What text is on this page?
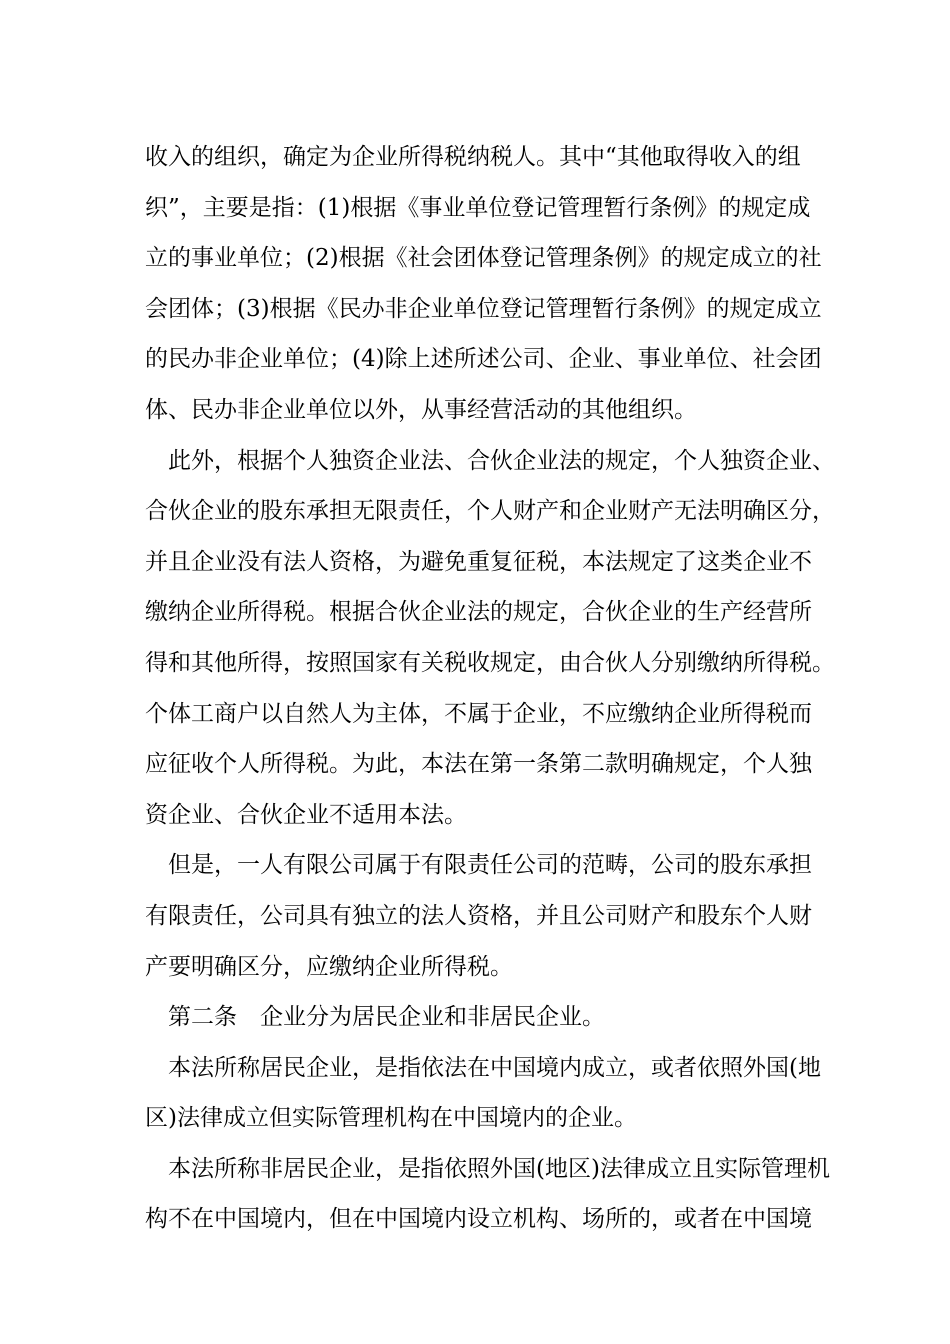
收入的组织，确定为企业所得税纳税人。其中“其他取得收入的组
织”，主要是指：(1)根据《事业单位登记管理暂行条例》的规定成
立的事业单位；(2)根据《社会团体登记管理条例》的规定成立的社
会团体；(3)根据《民办非企业单位登记管理暂行条例》的规定成立
的民办非企业单位；(4)除上述所述公司、企业、事业单位、社会团
体、民办非企业单位以外，从事经营活动的其他组织。
此外，根据个人独资企业法、合伙企业法的规定，个人独资企业、
合伙企业的股东承担无限责任，个人财产和企业财产无法明确区分，
并且企业没有法人资格，为避免重复征税，本法规定了这类企业不
缴纳企业所得税。根据合伙企业法的规定，合伙企业的生产经营所
得和其他所得，按照国家有关税收规定，由合伙人分别缴纳所得税。
个体工商户以自然人为主体，不属于企业，不应缴纳企业所得税而
应征收个人所得税。为此，本法在第一条第二款明确规定，个人独
资企业、合伙企业不适用本法。
但是，一人有限公司属于有限责任公司的范畴，公司的股东承担
有限责任，公司具有独立的法人资格，并且公司财产和股东个人财
产要明确区分，应缴纳企业所得税。
第二条　企业分为居民企业和非居民企业。
本法所称居民企业，是指依法在中国境内成立，或者依照外国(地
区)法律成立但实际管理机构在中国境内的企业。
本法所称非居民企业，是指依照外国(地区)法律成立且实际管理机
构不在中国境内，但在中国境内设立机构、场所的，或者在中国境
